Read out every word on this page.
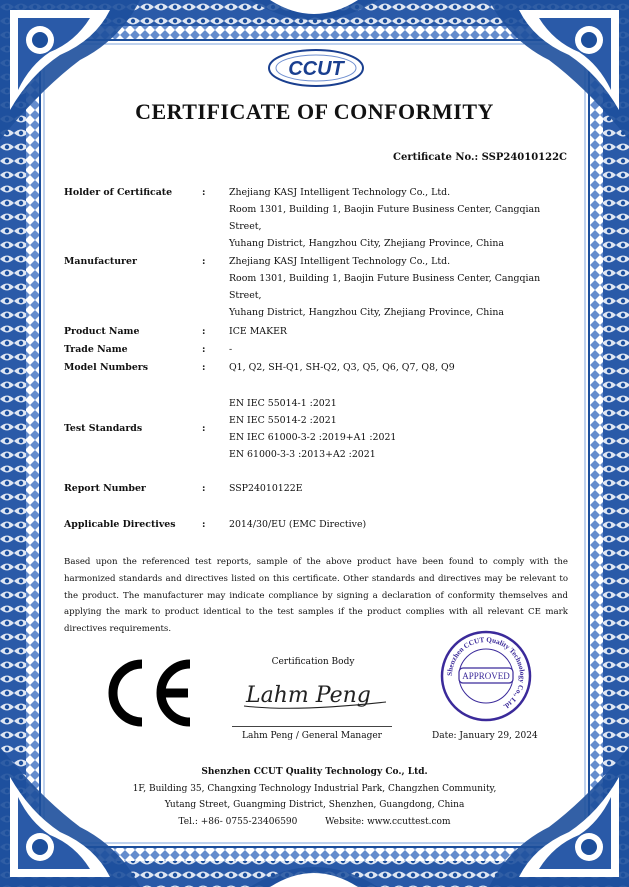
CCUT
CERTIFICATE OF CONFORMITY
Certificate No.: SSP24010122C
Holder of Certificate	:	Zhejiang KASJ Intelligent Technology Co., Ltd.
Room 1301, Building 1, Baojin Future Business Center, Cangqian Street,
Yuhang District, Hangzhou City, Zhejiang Province, China
Manufacturer	:	Zhejiang KASJ Intelligent Technology Co., Ltd.
Room 1301, Building 1, Baojin Future Business Center, Cangqian Street,
Yuhang District, Hangzhou City, Zhejiang Province, China
Product Name	:	ICE MAKER
Trade Name	:	-
Model Numbers	:	Q1, Q2, SH-Q1, SH-Q2, Q3, Q5, Q6, Q7, Q8, Q9
Test Standards	:
EN IEC 55014-1 :2021
EN IEC 55014-2 :2021
EN IEC 61000-3-2 :2019+A1 :2021
EN 61000-3-3 :2013+A2 :2021
Report Number	:	SSP24010122E
Applicable Directives	:	2014/30/EU (EMC Directive)
Based upon the referenced test reports, sample of the above product have been found to comply with the harmonized standards and directives listed on this certificate. Other standards and directives may be relevant to the product. The manufacturer may indicate compliance by signing a declaration of conformity themselves and applying the mark to product identical to the test samples if the product complies with all relevant CE mark directives requirements.
Certification Body
Lahm Peng
Lahm Peng / General Manager	Date: January 29, 2024
Shenzhen CCUT Quality Technology Co., Ltd.
APPROVED
Shenzhen CCUT Quality Technology Co., Ltd.
1F, Building 35, Changxing Technology Industrial Park, Changzhen Community,
Yutang Street, Guangming District, Shenzhen, Guangdong, China
Tel.: +86- 0755-23406590	Website: www.ccuttest.com
